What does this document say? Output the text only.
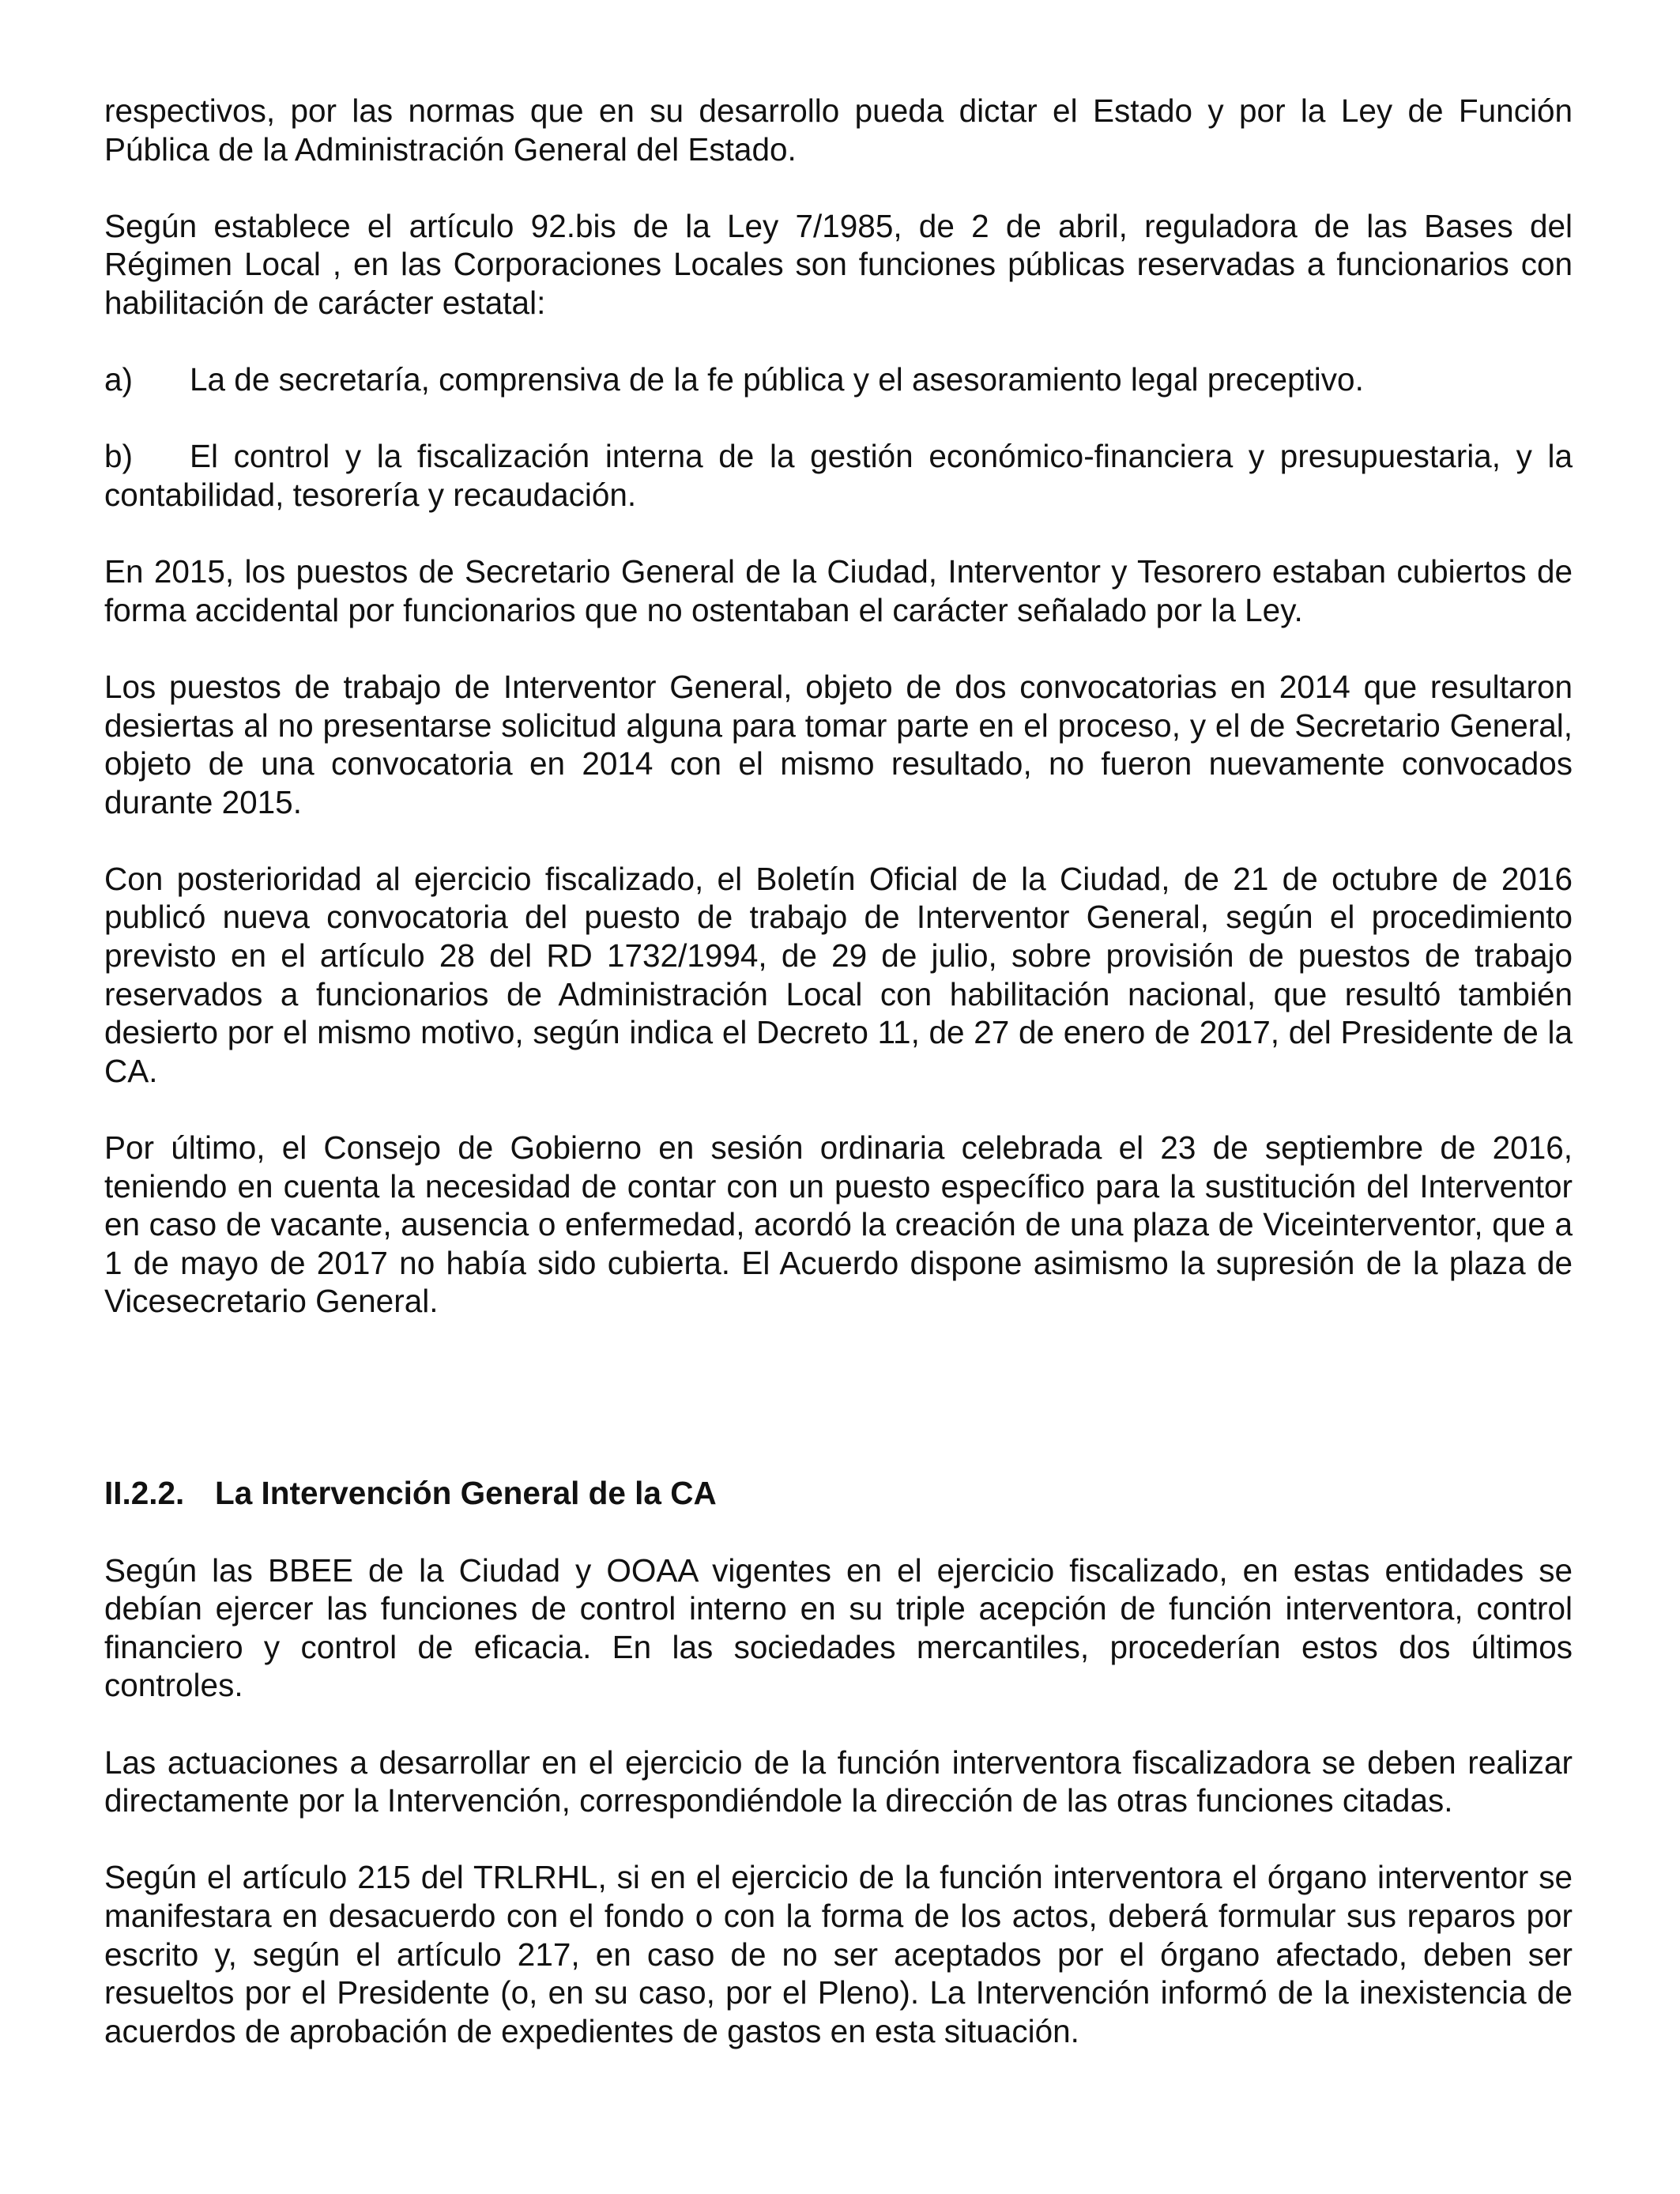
respectivos, por las normas que en su desarrollo pueda dictar el Estado y por la Ley de Función Pública de la Administración General del Estado.

Según establece el artículo 92.bis de la Ley 7/1985, de 2 de abril, reguladora de las Bases del Régimen Local , en las Corporaciones Locales son funciones públicas reservadas a funcionarios con habilitación de carácter estatal:

a) La de secretaría, comprensiva de la fe pública y el asesoramiento legal preceptivo.
b) El control y la fiscalización interna de la gestión económico-financiera y presupuestaria, y la contabilidad, tesorería y recaudación.

En 2015, los puestos de Secretario General de la Ciudad, Interventor y Tesorero estaban cubiertos de forma accidental por funcionarios que no ostentaban el carácter señalado por la Ley.

Los puestos de trabajo de Interventor General, objeto de dos convocatorias en 2014 que resultaron desiertas al no presentarse solicitud alguna para tomar parte en el proceso, y el de Secretario General, objeto de una convocatoria en 2014 con el mismo resultado, no fueron nuevamente convocados durante 2015.

Con posterioridad al ejercicio fiscalizado, el Boletín Oficial de la Ciudad, de 21 de octubre de 2016 publicó nueva convocatoria del puesto de trabajo de Interventor General, según el procedimiento previsto en el artículo 28 del RD 1732/1994, de 29 de julio, sobre provisión de puestos de trabajo reservados a funcionarios de Administración Local con habilitación nacional, que resultó también desierto por el mismo motivo, según indica el Decreto 11, de 27 de enero de 2017, del Presidente de la CA.

Por último, el Consejo de Gobierno en sesión ordinaria celebrada el 23 de septiembre de 2016, teniendo en cuenta la necesidad de contar con un puesto específico para la sustitución del Interventor en caso de vacante, ausencia o enfermedad, acordó la creación de una plaza de Viceinterventor, que a 1 de mayo de 2017 no había sido cubierta. El Acuerdo dispone asimismo la supresión de la plaza de Vicesecretario General.

II.2.2. La Intervención General de la CA

Según las BBEE de la Ciudad y OOAA vigentes en el ejercicio fiscalizado, en estas entidades se debían ejercer las funciones de control interno en su triple acepción de función interventora, control financiero y control de eficacia. En las sociedades mercantiles, procederían estos dos últimos controles.

Las actuaciones a desarrollar en el ejercicio de la función interventora fiscalizadora se deben realizar directamente por la Intervención, correspondiéndole la dirección de las otras funciones citadas.

Según el artículo 215 del TRLRHL, si en el ejercicio de la función interventora el órgano interventor se manifestara en desacuerdo con el fondo o con la forma de los actos, deberá formular sus reparos por escrito y, según el artículo 217, en caso de no ser aceptados por el órgano afectado, deben ser resueltos por el Presidente (o, en su caso, por el Pleno). La Intervención informó de la inexistencia de acuerdos de aprobación de expedientes de gastos en esta situación.
